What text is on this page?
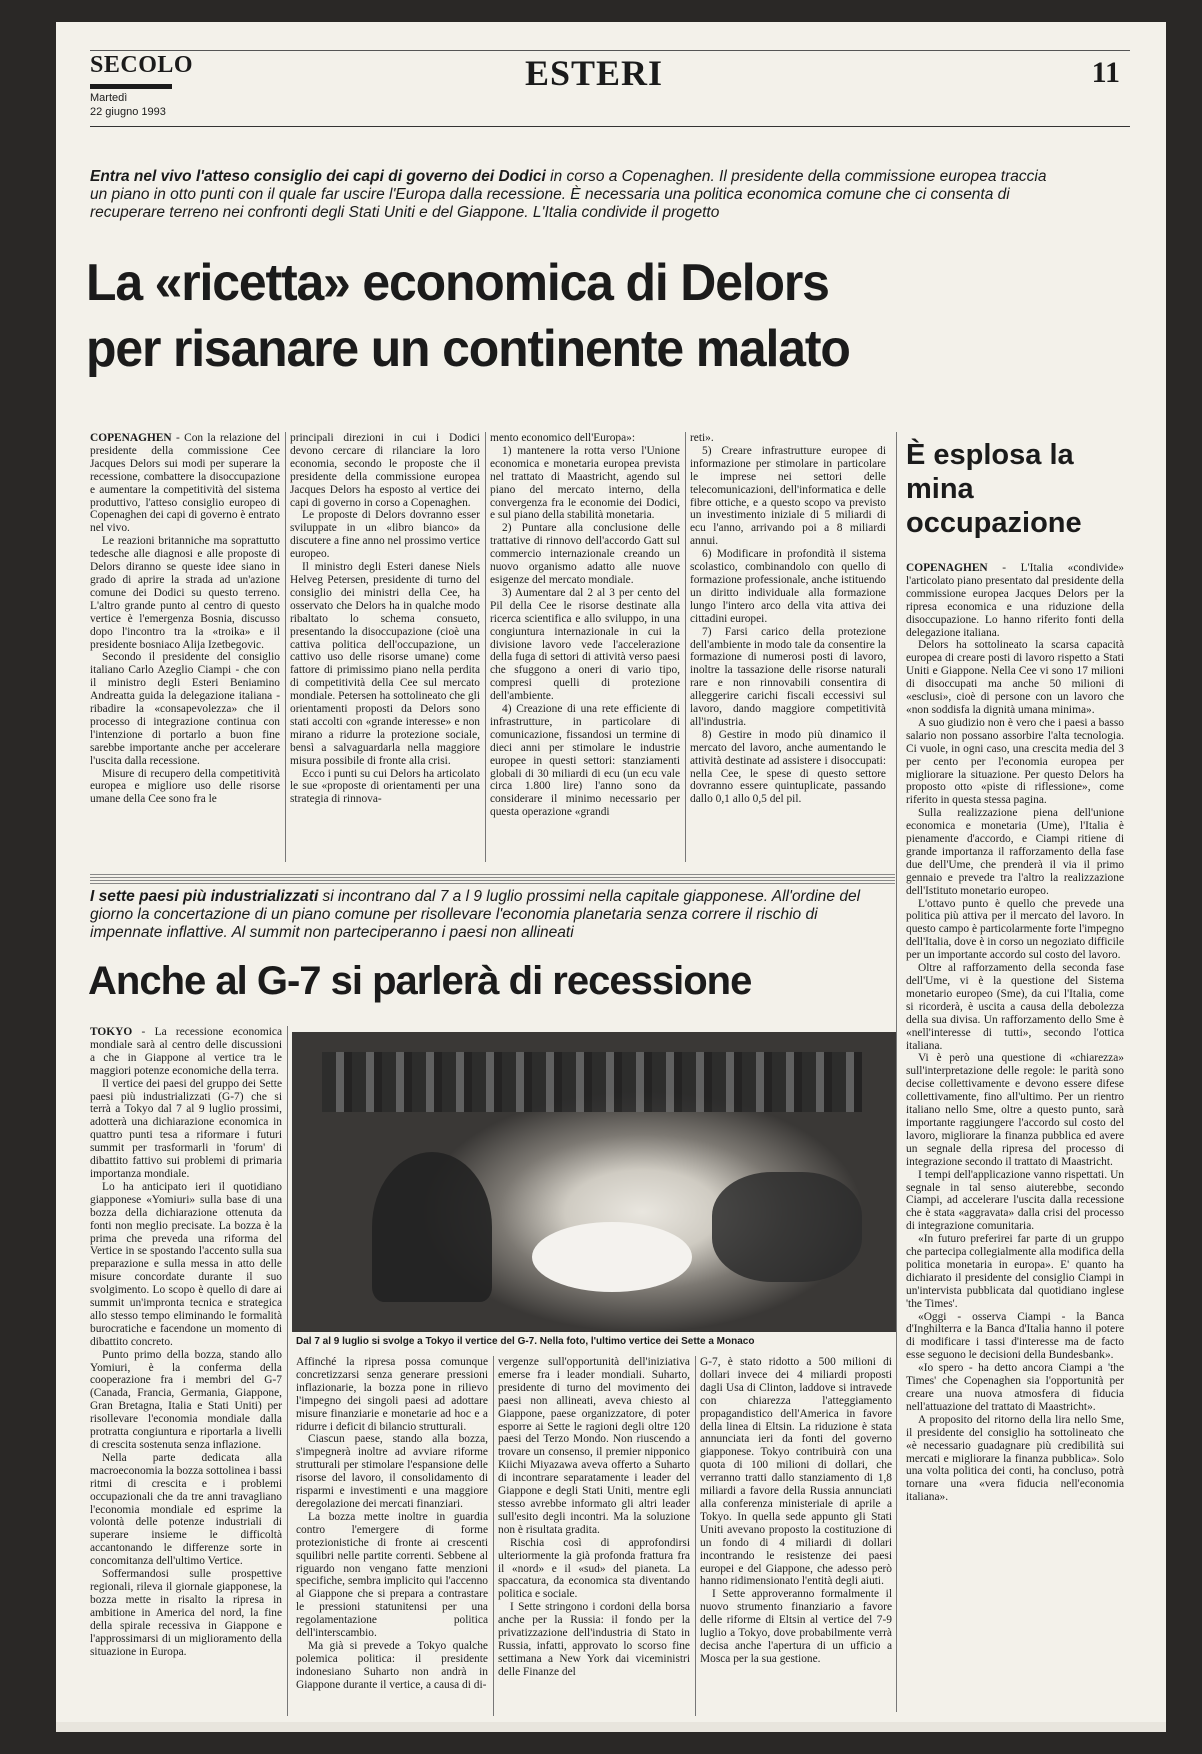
SECOLO
Martedì
22 giugno 1993
ESTERI	11
Entra nel vivo l'atteso consiglio dei capi di governo dei Dodici in corso a Copenaghen. Il presidente della commissione europea traccia un piano in otto punti con il quale far uscire l'Europa dalla recessione. È necessaria una politica economica comune che ci consenta di recuperare terreno nei confronti degli Stati Uniti e del Giappone. L'Italia condivide il progetto
La «ricetta» economica di Delors
per risanare un continente malato

COPENAGHEN - Con la relazione del presidente della commissione Cee Jacques Delors sui modi per superare la recessione, combattere la disoccupazione e aumentare la competitività del sistema produttivo, l'atteso consiglio europeo di Copenaghen dei capi di governo è entrato nel vivo.

Le reazioni britanniche ma soprattutto tedesche alle diagnosi e alle proposte di Delors diranno se queste idee siano in grado di aprire la strada ad un'azione comune dei Dodici su questo terreno. L'altro grande punto al centro di questo vertice è l'emergenza Bosnia, discusso dopo l'incontro tra la «troika» e il presidente bosniaco Alija Izetbegovic.

Secondo il presidente del consiglio italiano Carlo Azeglio Ciampi - che con il ministro degli Esteri Beniamino Andreatta guida la delegazione italiana - ribadire la «consapevolezza» che il processo di integrazione continua con l'intenzione di portarlo a buon fine sarebbe importante anche per accelerare l'uscita dalla recessione.

Misure di recupero della competitività europea e migliore uso delle risorse umane della Cee sono fra le

principali direzioni in cui i Dodici devono cercare di rilanciare la loro economia, secondo le proposte che il presidente della commissione europea Jacques Delors ha esposto al vertice dei capi di governo in corso a Copenaghen.

Le proposte di Delors dovranno esser sviluppate in un «libro bianco» da discutere a fine anno nel prossimo vertice europeo.

Il ministro degli Esteri danese Niels Helveg Petersen, presidente di turno del consiglio dei ministri della Cee, ha osservato che Delors ha in qualche modo ribaltato lo schema consueto, presentando la disoccupazione (cioè una cattiva politica dell'occupazione, un cattivo uso delle risorse umane) come fattore di primissimo piano nella perdita di competitività della Cee sul mercato mondiale. Petersen ha sottolineato che gli orientamenti proposti da Delors sono stati accolti con «grande interesse» e non mirano a ridurre la protezione sociale, bensì a salvaguardarla nella maggiore misura possibile di fronte alla crisi.

Ecco i punti su cui Delors ha articolato le sue «proposte di orientamenti per una strategia di rinnova-

mento economico dell'Europa»:

1) mantenere la rotta verso l'Unione economica e monetaria europea prevista nel trattato di Maastricht, agendo sul piano del mercato interno, della convergenza fra le economie dei Dodici, e sul piano della stabilità monetaria.

2) Puntare alla conclusione delle trattative di rinnovo dell'accordo Gatt sul commercio internazionale creando un nuovo organismo adatto alle nuove esigenze del mercato mondiale.

3) Aumentare dal 2 al 3 per cento del Pil della Cee le risorse destinate alla ricerca scientifica e allo sviluppo, in una congiuntura internazionale in cui la divisione lavoro vede l'accelerazione della fuga di settori di attività verso paesi che sfuggono a oneri di vario tipo, compresi quelli di protezione dell'ambiente.

4) Creazione di una rete efficiente di infrastrutture, in particolare di comunicazione, fissandosi un termine di dieci anni per stimolare le industrie europee in questi settori: stanziamenti globali di 30 miliardi di ecu (un ecu vale circa 1.800 lire) l'anno sono da considerare il minimo necessario per questa operazione «grandi

reti».

5) Creare infrastrutture europee di informazione per stimolare in particolare le imprese nei settori delle telecomunicazioni, dell'informatica e delle fibre ottiche, e a questo scopo va previsto un investimento iniziale di 5 miliardi di ecu l'anno, arrivando poi a 8 miliardi annui.

6) Modificare in profondità il sistema scolastico, combinandolo con quello di formazione professionale, anche istituendo un diritto individuale alla formazione lungo l'intero arco della vita attiva dei cittadini europei.

7) Farsi carico della protezione dell'ambiente in modo tale da consentire la formazione di numerosi posti di lavoro, inoltre la tassazione delle risorse naturali rare e non rinnovabili consentira di alleggerire carichi fiscali eccessivi sul lavoro, dando maggiore competitività all'industria.

8) Gestire in modo più dinamico il mercato del lavoro, anche aumentando le attività destinate ad assistere i disoccupati: nella Cee, le spese di questo settore dovranno essere quintuplicate, passando dallo 0,1 allo 0,5 del pil.

È esplosa la mina occupazione

COPENAGHEN - L'Italia «condivide» l'articolato piano presentato dal presidente della commissione europea Jacques Delors per la ripresa economica e una riduzione della disoccupazione. Lo hanno riferito fonti della delegazione italiana.

Delors ha sottolineato la scarsa capacità europea di creare posti di lavoro rispetto a Stati Uniti e Giappone. Nella Cee vi sono 17 milioni di disoccupati ma anche 50 milioni di «esclusi», cioè di persone con un lavoro che «non soddisfa la dignità umana minima».

A suo giudizio non è vero che i paesi a basso salario non possano assorbire l'alta tecnologia. Ci vuole, in ogni caso, una crescita media del 3 per cento per l'economia europea per migliorare la situazione. Per questo Delors ha proposto otto «piste di riflessione», come riferito in questa stessa pagina.

Sulla realizzazione piena dell'unione economica e monetaria (Ume), l'Italia è pienamente d'accordo, e Ciampi ritiene di grande importanza il rafforzamento della fase due dell'Ume, che prenderà il via il primo gennaio e prevede tra l'altro la realizzazione dell'Istituto monetario europeo.

L'ottavo punto è quello che prevede una politica più attiva per il mercato del lavoro. In questo campo è particolarmente forte l'impegno dell'Italia, dove è in corso un negoziato difficile per un importante accordo sul costo del lavoro.

Oltre al rafforzamento della seconda fase dell'Ume, vi è la questione del Sistema monetario europeo (Sme), da cui l'Italia, come si ricorderà, è uscita a causa della debolezza della sua divisa. Un rafforzamento dello Sme è «nell'interesse di tutti», secondo l'ottica italiana.

Vi è però una questione di «chiarezza» sull'interpretazione delle regole: le parità sono decise collettivamente e devono essere difese collettivamente, fino all'ultimo. Per un rientro italiano nello Sme, oltre a questo punto, sarà importante raggiungere l'accordo sul costo del lavoro, migliorare la finanza pubblica ed avere un segnale della ripresa del processo di integrazione secondo il trattato di Maastricht.

I tempi dell'applicazione vanno rispettati. Un segnale in tal senso aiuterebbe, secondo Ciampi, ad accelerare l'uscita dalla recessione che è stata «aggravata» dalla crisi del processo di integrazione comunitaria.

«In futuro preferirei far parte di un gruppo che partecipa collegialmente alla modifica della politica monetaria in europa». E' quanto ha dichiarato il presidente del consiglio Ciampi in un'intervista pubblicata dal quotidiano inglese 'the Times'.

«Oggi - osserva Ciampi - la Banca d'Inghilterra e la Banca d'Italia hanno il potere di modificare i tassi d'interesse ma de facto esse seguono le decisioni della Bundesbank».

«Io spero - ha detto ancora Ciampi a 'the Times' che Copenaghen sia l'opportunità per creare una nuova atmosfera di fiducia nell'attuazione del trattato di Maastricht».

A proposito del ritorno della lira nello Sme, il presidente del consiglio ha sottolineato che «è necessario guadagnare più credibilità sui mercati e migliorare la finanza pubblica». Solo una volta politica dei conti, ha concluso, potrà tornare una «vera fiducia nell'economia italiana».

I sette paesi più industrializzati si incontrano dal 7 a l 9 luglio prossimi nella capitale giapponese. All'ordine del giorno la concertazione di un piano comune per risollevare l'economia planetaria senza correre il rischio di impennate inflattive. Al summit non parteciperanno i paesi non allineati
Anche al G-7 si parlerà di recessione

TOKYO - La recessione economica mondiale sarà al centro delle discussioni a che in Giappone al vertice tra le maggiori potenze economiche della terra.

Il vertice dei paesi del gruppo dei Sette paesi più industrializzati (G-7) che si terrà a Tokyo dal 7 al 9 luglio prossimi, adotterà una dichiarazione economica in quattro punti tesa a riformare i futuri summit per trasformarli in 'forum' di dibattito fattivo sui problemi di primaria importanza mondiale.

Lo ha anticipato ieri il quotidiano giapponese «Yomiuri» sulla base di una bozza della dichiarazione ottenuta da fonti non meglio precisate. La bozza è la prima che preveda una riforma del Vertice in se spostando l'accento sulla sua preparazione e sulla messa in atto delle misure concordate durante il suo svolgimento. Lo scopo è quello di dare ai summit un'impronta tecnica e strategica allo stesso tempo eliminando le formalità burocratiche e facendone un momento di dibattito concreto.

Punto primo della bozza, stando allo Yomiuri, è la conferma della cooperazione fra i membri del G-7 (Canada, Francia, Germania, Giappone, Gran Bretagna, Italia e Stati Uniti) per risollevare l'economia mondiale dalla protratta congiuntura e riportarla a livelli di crescita sostenuta senza inflazione.

Nella parte dedicata alla macroeconomia la bozza sottolinea i bassi ritmi di crescita e i problemi occupazionali che da tre anni travagliano l'economia mondiale ed esprime la volontà delle potenze industriali di superare insieme le difficoltà accantonando le differenze sorte in concomitanza dell'ultimo Vertice.

Soffermandosi sulle prospettive regionali, rileva il giornale giapponese, la bozza mette in risalto la ripresa in ambitione in America del nord, la fine della spirale recessiva in Giappone e l'approssimarsi di un miglioramento della situazione in Europa.

Dal 7 al 9 luglio si svolge a Tokyo il vertice del G-7. Nella foto, l'ultimo vertice dei Sette a Monaco

Affinché la ripresa possa comunque concretizzarsi senza generare pressioni inflazionarie, la bozza pone in rilievo l'impegno dei singoli paesi ad adottare misure finanziarie e monetarie ad hoc e a ridurre i deficit di bilancio strutturali.

Ciascun paese, stando alla bozza, s'impegnerà inoltre ad avviare riforme strutturali per stimolare l'espansione delle risorse del lavoro, il consolidamento di risparmi e investimenti e una maggiore deregolazione dei mercati finanziari.

La bozza mette inoltre in guardia contro l'emergere di forme protezionistiche di fronte ai crescenti squilibri nelle partite correnti. Sebbene al riguardo non vengano fatte menzioni specifiche, sembra implicito qui l'accenno al Giappone che si prepara a contrastare le pressioni statunitensi per una regolamentazione politica dell'interscambio.

Ma già si prevede a Tokyo qualche polemica politica: il presidente indonesiano Suharto non andrà in Giappone durante il vertice, a causa di di-

vergenze sull'opportunità dell'iniziativa emerse fra i leader mondiali. Suharto, presidente di turno del movimento dei paesi non allineati, aveva chiesto al Giappone, paese organizzatore, di poter esporre ai Sette le ragioni degli oltre 120 paesi del Terzo Mondo. Non riuscendo a trovare un consenso, il premier nipponico Kiichi Miyazawa aveva offerto a Suharto di incontrare separatamente i leader del Giappone e degli Stati Uniti, mentre egli stesso avrebbe informato gli altri leader sull'esito degli incontri. Ma la soluzione non è risultata gradita.

Rischia così di approfondirsi ulteriormente la già profonda frattura fra il «nord» e il «sud» del pianeta. La spaccatura, da economica sta diventando politica e sociale.

I Sette stringono i cordoni della borsa anche per la Russia: il fondo per la privatizzazione dell'industria di Stato in Russia, infatti, approvato lo scorso fine settimana a New York dai viceministri delle Finanze del

G-7, è stato ridotto a 500 milioni di dollari invece dei 4 miliardi proposti dagli Usa di Clinton, laddove si intravede con chiarezza l'atteggiamento propagandistico dell'America in favore della linea di Eltsin. La riduzione è stata annunciata ieri da fonti del governo giapponese. Tokyo contribuirà con una quota di 100 milioni di dollari, che verranno tratti dallo stanziamento di 1,8 miliardi a favore della Russia annunciati alla conferenza ministeriale di aprile a Tokyo. In quella sede appunto gli Stati Uniti avevano proposto la costituzione di un fondo di 4 miliardi di dollari incontrando le resistenze dei paesi europei e del Giappone, che adesso però hanno ridimensionato l'entità degli aiuti.

I Sette approveranno formalmente il nuovo strumento finanziario a favore delle riforme di Eltsin al vertice del 7-9 luglio a Tokyo, dove probabilmente verrà decisa anche l'apertura di un ufficio a Mosca per la sua gestione.
